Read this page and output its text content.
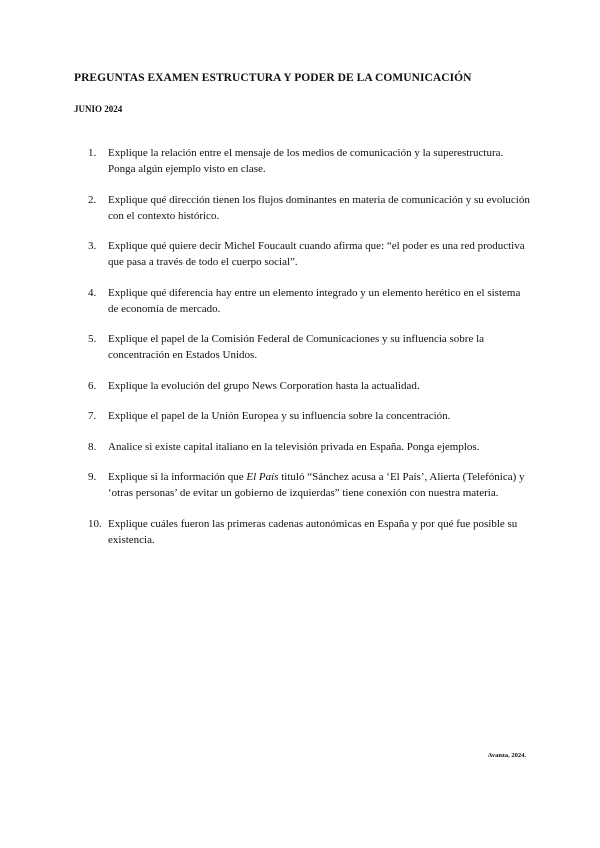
PREGUNTAS EXAMEN ESTRUCTURA Y PODER DE LA COMUNICACIÓN
JUNIO 2024
1.	Explique la relación entre el mensaje de los medios de comunicación y la superestructura. Ponga algún ejemplo visto en clase.
2.	Explique qué dirección tienen los flujos dominantes en materia de comunicación y su evolución con el contexto histórico.
3.	Explique qué quiere decir Michel Foucault cuando afirma que: “el poder es una red productiva que pasa a través de todo el cuerpo social”.
4.	Explique qué diferencia hay entre un elemento integrado y un elemento herético en el sistema de economía de mercado.
5.	Explique el papel de la Comisión Federal de Comunicaciones y su influencia sobre la concentración en Estados Unidos.
6.	Explique la evolución del grupo News Corporation hasta la actualidad.
7.	Explique el papel de la Unión Europea y su influencia sobre la concentración.
8.	Analice si existe capital italiano en la televisión privada en España. Ponga ejemplos.
9.	Explique si la información que El País tituló “Sánchez acusa a ‘El País’, Alierta (Telefónica) y ‘otras personas’ de evitar un gobierno de izquierdas” tiene conexión con nuestra materia.
10. Explique cuáles fueron las primeras cadenas autonómicas en España y por qué fue posible su existencia.
Avanza, 2024.
